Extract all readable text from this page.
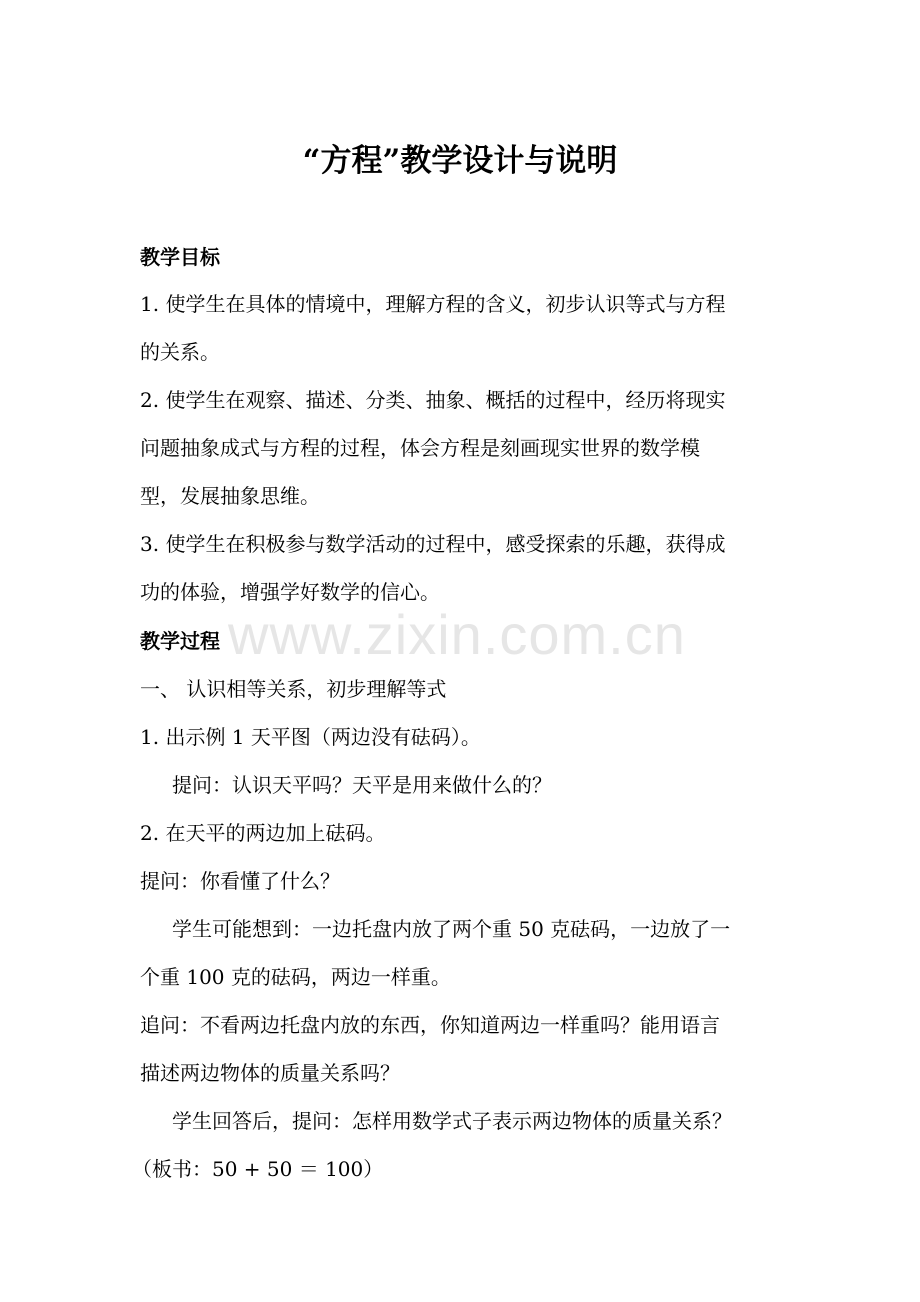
www.zixin.com.cn
“方程”教学设计与说明
教学目标
1. 使学生在具体的情境中，理解方程的含义，初步认识等式与方程
的关系。
2. 使学生在观察、描述、分类、抽象、概括的过程中，经历将现实
问题抽象成式与方程的过程，体会方程是刻画现实世界的数学模
型，发展抽象思维。
3. 使学生在积极参与数学活动的过程中，感受探索的乐趣，获得成
功的体验，增强学好数学的信心。
教学过程
一、 认识相等关系，初步理解等式
1. 出示例 1 天平图（两边没有砝码）。
提问：认识天平吗？天平是用来做什么的？
2. 在天平的两边加上砝码。
提问：你看懂了什么？
学生可能想到：一边托盘内放了两个重 50 克砝码，一边放了一
个重 100 克的砝码，两边一样重。
追问：不看两边托盘内放的东西，你知道两边一样重吗？能用语言
描述两边物体的质量关系吗？
学生回答后，提问：怎样用数学式子表示两边物体的质量关系？
（板书：50 + 50 ＝ 100）
